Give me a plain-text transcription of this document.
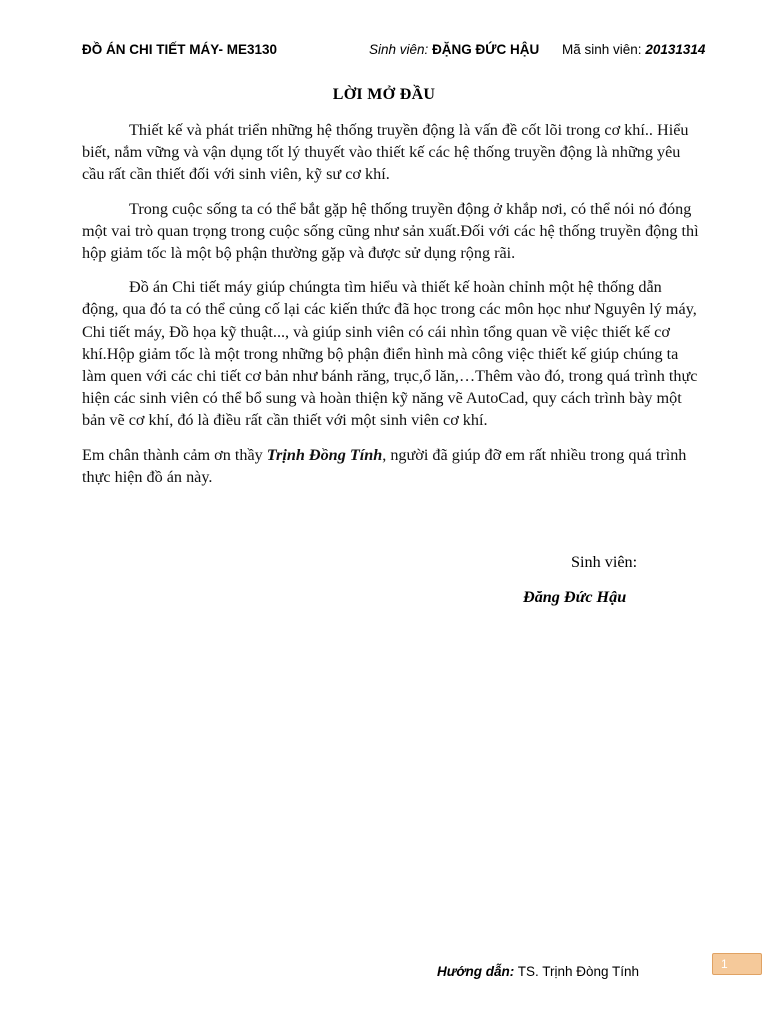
ĐỒ ÁN CHI TIẾT MÁY- ME3130	Sinh viên: ĐẶNG ĐỨC HẬU Mã sinh viên: 20131314
LỜI MỞ ĐẦU

Thiết kế và phát triển những hệ thống truyền động là vấn đề cốt lõi trong cơ khí.. Hiểu biết, nắm vững và vận dụng tốt lý thuyết vào thiết kế các hệ thống truyền động là những yêu cầu rất cần thiết đối với sinh viên, kỹ sư cơ khí.

Trong cuộc sống ta có thể bắt gặp hệ thống truyền động ở khắp nơi, có thể nói nó đóng một vai trò quan trọng trong cuộc sống cũng như sản xuất.Đối với các hệ thống truyền động thì hộp giảm tốc là một bộ phận thường gặp và được sử dụng rộng rãi.

Đồ án Chi tiết máy giúp chúngta tìm hiểu và thiết kế hoàn chỉnh một hệ thống dẫn động, qua đó ta có thể củng cố lại các kiến thức đã học trong các môn học như Nguyên lý máy, Chi tiết máy, Đồ họa kỹ thuật..., và giúp sinh viên có cái nhìn tổng quan về việc thiết kế cơ khí.Hộp giảm tốc là một trong những bộ phận điển hình mà công việc thiết kế giúp chúng ta làm quen với các chi tiết cơ bản như bánh răng, trục,ổ lăn,…Thêm vào đó, trong quá trình thực hiện các sinh viên có thể bổ sung và hoàn thiện kỹ năng vẽ AutoCad, quy cách trình bày một bản vẽ cơ khí, đó là điều rất cần thiết với một sinh viên cơ khí.

Em chân thành cảm ơn thầy Trịnh Đồng Tính, người đã giúp đỡ em rất nhiều trong quá trình thực hiện đồ án này.

Sinh viên:
Đăng Đức Hậu
Hướng dẫn: TS. Trịnh Đòng Tính	1
